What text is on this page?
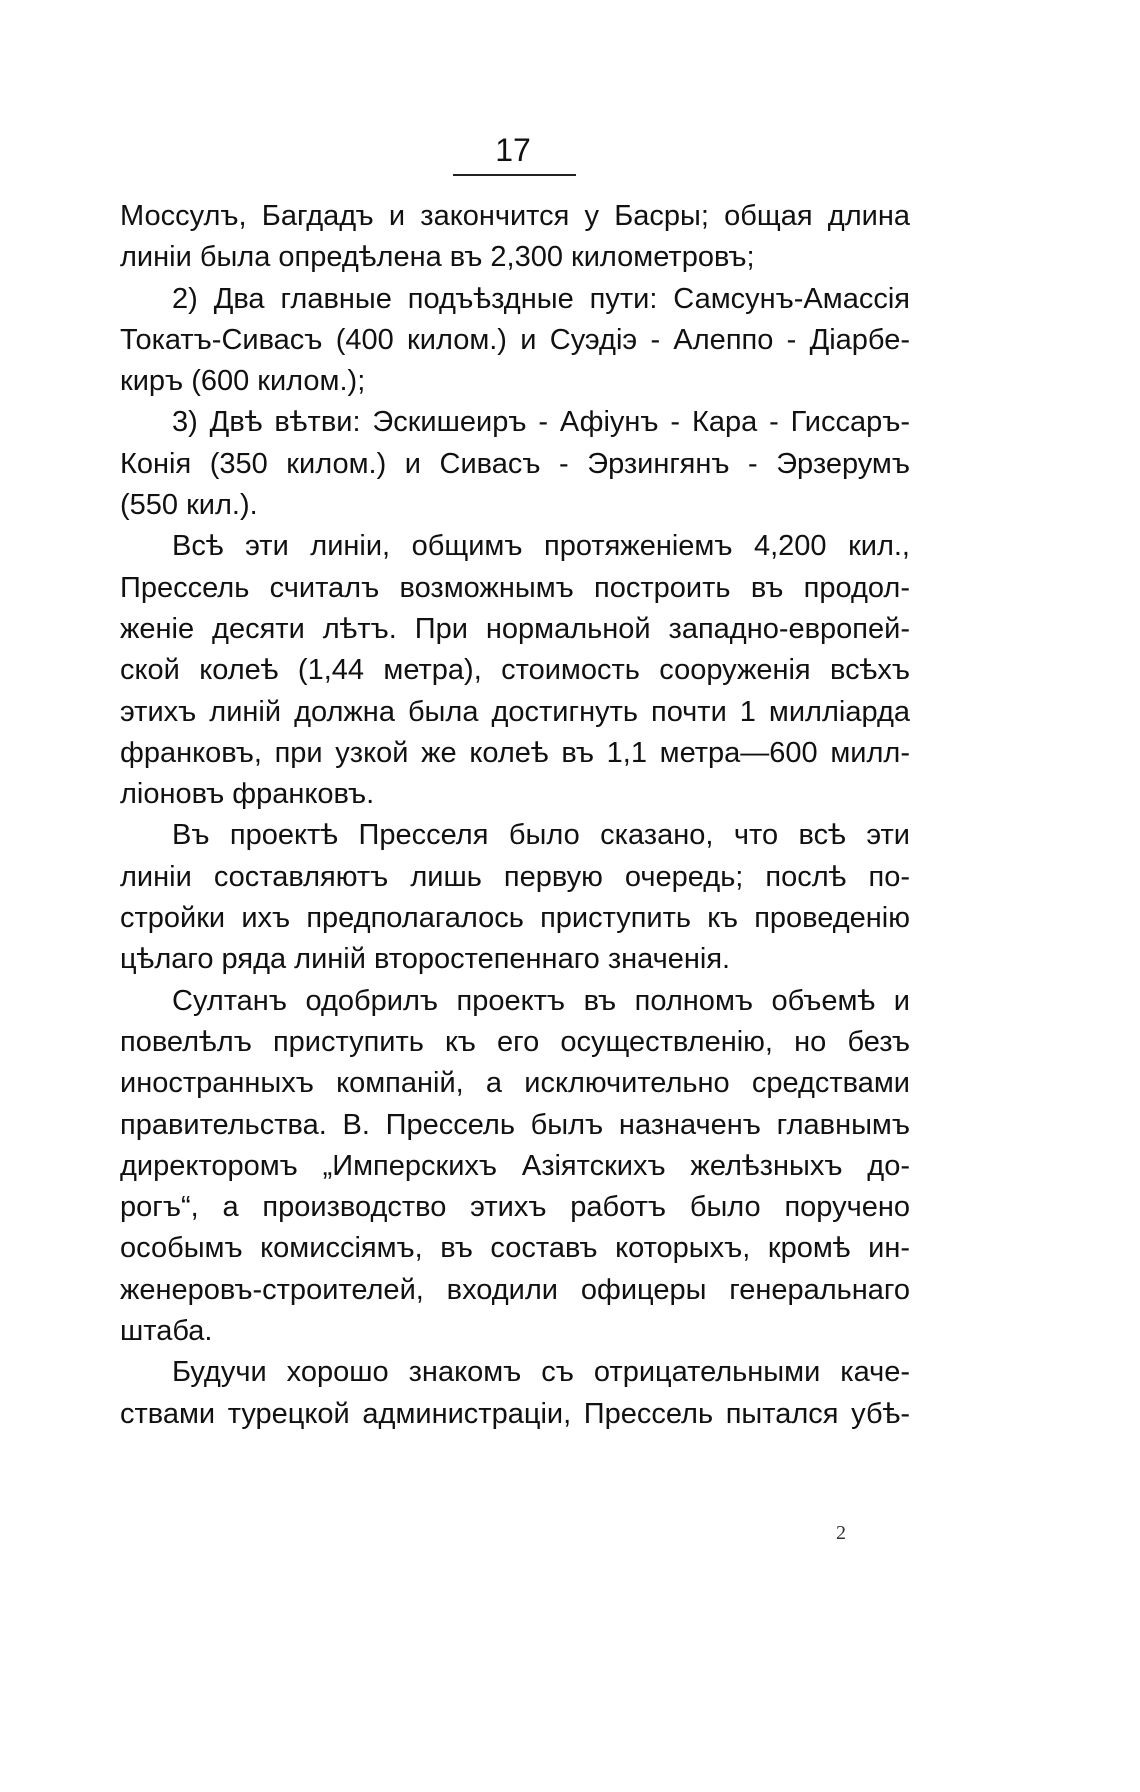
17
Моссулъ, Багдадъ и закончится у Басры; общая длина
линiи была опредѣлена въ 2,300 километровъ;
2) Два главные подъѣздные пути: Самсунъ-Амассiя
Токатъ-Сивасъ (400 килом.) и Суэдiэ - Алеппо - Дiарбе-
киръ (600 килом.);
3) Двѣ вѣтви: Эскишеиръ - Афiунъ - Кара - Гиссаръ-
Конiя (350 килом.) и Сивасъ - Эрзингянъ - Эрзерумъ
(550 кил.).
Всѣ эти линiи, общимъ протяженiемъ 4,200 кил.,
Прессель считалъ возможнымъ построить въ продол-
женiе десяти лѣтъ. При нормальной западно-европей-
ской колеѣ (1,44 метра), стоимость сооруженiя всѣхъ
этихъ линiй должна была достигнуть почти 1 миллiарда
франковъ, при узкой же колеѣ въ 1,1 метра—600 милл-
лiоновъ франковъ.
Въ проектѣ Пресселя было сказано, что всѣ эти
линiи составляютъ лишь первую очередь; послѣ по-
стройки ихъ предполагалось приступить къ проведенiю
цѣлаго ряда линiй второстепеннаго значенiя.
Султанъ одобрилъ проектъ въ полномъ объемѣ и
повелѣлъ приступить къ его осуществленiю, но безъ
иностранныхъ компанiй, а исключительно средствами
правительства. В. Прессель былъ назначенъ главнымъ
директоромъ „Имперскихъ Азiятскихъ желѣзныхъ до-
рогъ“, а производство этихъ работъ было поручено
особымъ комиссiямъ, въ составъ которыхъ, кромѣ ин-
женеровъ-строителей, входили офицеры генеральнаго
штаба.
Будучи хорошо знакомъ съ отрицательными каче-
ствами турецкой администрацiи, Прессель пытался убѣ-
2
